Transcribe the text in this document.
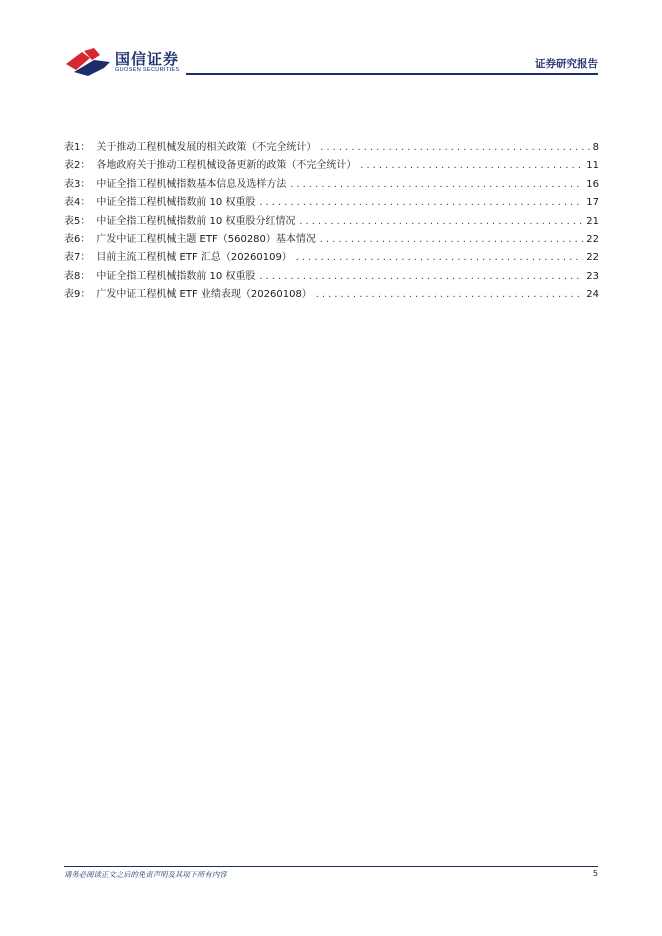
国信证券
GUOSEN SECURITIES	证券研究报告
表1： 关于推动工程机械发展的相关政策（不完全统计） .....	8
表2： 各地政府关于推动工程机械设备更新的政策（不完全统计） .....	11
表3： 中证全指工程机械指数基本信息及选样方法 .....	16
表4： 中证全指工程机械指数前 10 权重股 .....	17
表5： 中证全指工程机械指数前 10 权重股分红情况 .....	21
表6： 广发中证工程机械主题 ETF（560280）基本情况 .....	22
表7： 目前主流工程机械 ETF 汇总（20260109） .....	22
表8： 中证全指工程机械指数前 10 权重股 .....	23
表9： 广发中证工程机械 ETF 业绩表现（20260108） .....	24
请务必阅读正文之后的免责声明及其项下所有内容	5
